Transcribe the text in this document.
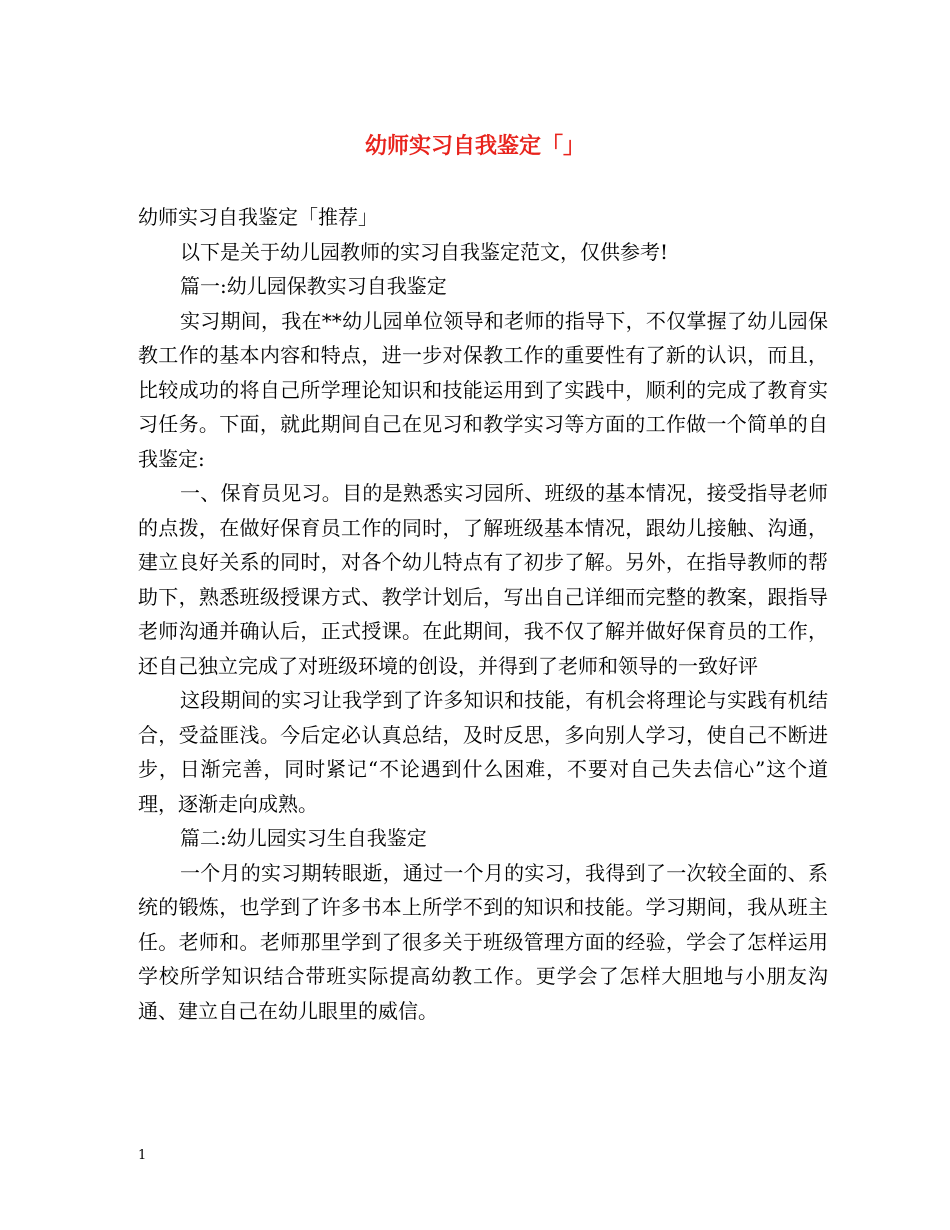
幼师实习自我鉴定「」

幼师实习自我鉴定「推荐」

以下是关于幼儿园教师的实习自我鉴定范文，仅供参考!

篇一:幼儿园保教实习自我鉴定

实习期间，我在**幼儿园单位领导和老师的指导下，不仅掌握了幼儿园保教工作的基本内容和特点，进一步对保教工作的重要性有了新的认识，而且，比较成功的将自己所学理论知识和技能运用到了实践中，顺利的完成了教育实习任务。下面，就此期间自己在见习和教学实习等方面的工作做一个简单的自我鉴定:

一、保育员见习。目的是熟悉实习园所、班级的基本情况，接受指导老师的点拨，在做好保育员工作的同时，了解班级基本情况，跟幼儿接触、沟通，建立良好关系的同时，对各个幼儿特点有了初步了解。另外，在指导教师的帮助下，熟悉班级授课方式、教学计划后，写出自己详细而完整的教案，跟指导老师沟通并确认后，正式授课。在此期间，我不仅了解并做好保育员的工作，还自己独立完成了对班级环境的创设，并得到了老师和领导的一致好评

这段期间的实习让我学到了许多知识和技能，有机会将理论与实践有机结合，受益匪浅。今后定必认真总结，及时反思，多向别人学习，使自己不断进步，日渐完善，同时紧记“不论遇到什么困难，不要对自己失去信心”这个道理，逐渐走向成熟。

篇二:幼儿园实习生自我鉴定

一个月的实习期转眼逝，通过一个月的实习，我得到了一次较全面的、系统的锻炼，也学到了许多书本上所学不到的知识和技能。学习期间，我从班主任。老师和。老师那里学到了很多关于班级管理方面的经验，学会了怎样运用学校所学知识结合带班实际提高幼教工作。更学会了怎样大胆地与小朋友沟通、建立自己在幼儿眼里的威信。

1
